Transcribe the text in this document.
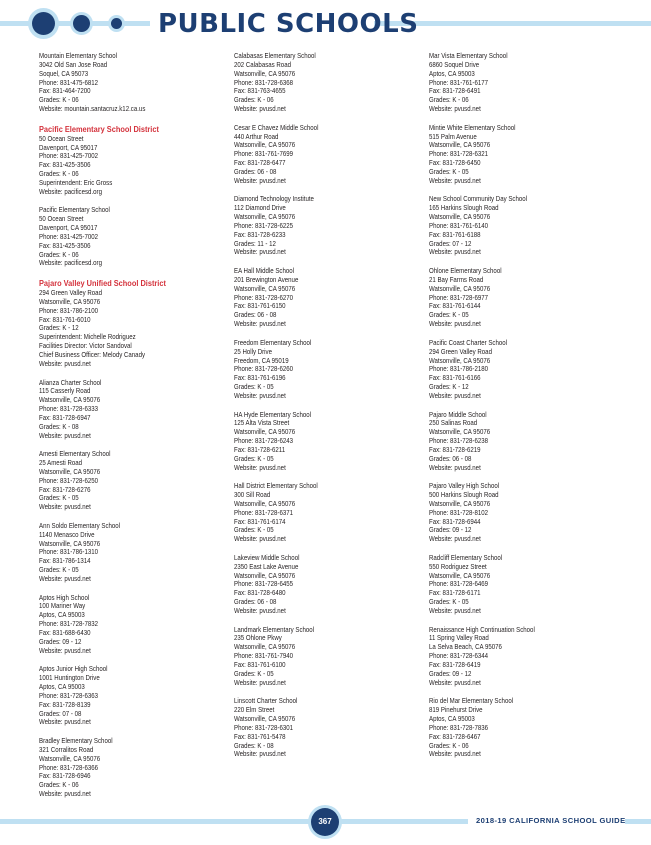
PUBLIC SCHOOLS
Mountain Elementary School
3042 Old San Jose Road
Soquel, CA 95073
Phone: 831-475-6812
Fax: 831-464-7200
Grades: K - 06
Website: mountain.santacruz.k12.ca.us
Pacific Elementary School District
50 Ocean Street
Davenport, CA 95017
Phone: 831-425-7002
Fax: 831-425-3506
Grades: K - 06
Superintendent: Eric Gross
Website: pacificesd.org
Pacific Elementary School
50 Ocean Street
Davenport, CA 95017
Phone: 831-425-7002
Fax: 831-425-3506
Grades: K - 06
Website: pacificesd.org
Pajaro Valley Unified School District
294 Green Valley Road
Watsonville, CA 95076
Phone: 831-786-2100
Fax: 831-761-6010
Grades: K - 12
Superintendent: Michelle Rodriguez
Facilities Director: Victor Sandoval
Chief Business Officer: Melody Canady
Website: pvusd.net
Alianza Charter School
115 Casserly Road
Watsonville, CA 95076
Phone: 831-728-6333
Fax: 831-728-6947
Grades: K - 08
Website: pvusd.net
Amesti Elementary School
25 Amesti Road
Watsonville, CA 95076
Phone: 831-728-6250
Fax: 831-728-6276
Grades: K - 05
Website: pvusd.net
Ann Soldo Elementary School
1140 Menasco Drive
Watsonville, CA 95076
Phone: 831-786-1310
Fax: 831-786-1314
Grades: K - 05
Website: pvusd.net
Aptos High School
100 Mariner Way
Aptos, CA 95003
Phone: 831-728-7832
Fax: 831-688-6430
Grades: 09 - 12
Website: pvusd.net
Aptos Junior High School
1001 Huntington Drive
Aptos, CA 95003
Phone: 831-728-6363
Fax: 831-728-8139
Grades: 07 - 08
Website: pvusd.net
Bradley Elementary School
321 Corralitos Road
Watsonville, CA 95076
Phone: 831-728-6366
Fax: 831-728-6946
Grades: K - 06
Website: pvusd.net
Calabasas Elementary School
202 Calabasas Road
Watsonville, CA 95076
Phone: 831-728-6368
Fax: 831-763-4655
Grades: K - 06
Website: pvusd.net
Cesar E Chavez Middle School
440 Arthur Road
Watsonville, CA 95076
Phone: 831-761-7699
Fax: 831-728-6477
Grades: 06 - 08
Website: pvusd.net
Diamond Technology Institute
112 Diamond Drive
Watsonville, CA 95076
Phone: 831-728-6225
Fax: 831-728-6233
Grades: 11 - 12
Website: pvusd.net
EA Hall Middle School
201 Brewington Avenue
Watsonville, CA 95076
Phone: 831-728-6270
Fax: 831-761-6150
Grades: 06 - 08
Website: pvusd.net
Freedom Elementary School
25 Holly Drive
Freedom, CA 95019
Phone: 831-728-6260
Fax: 831-761-6196
Grades: K - 05
Website: pvusd.net
HA Hyde Elementary School
125 Alta Vista Street
Watsonville, CA 95076
Phone: 831-728-6243
Fax: 831-728-6211
Grades: K - 05
Website: pvusd.net
Hall District Elementary School
300 Sill Road
Watsonville, CA 95076
Phone: 831-728-6371
Fax: 831-761-6174
Grades: K - 05
Website: pvusd.net
Lakeview Middle School
2350 East Lake Avenue
Watsonville, CA 95076
Phone: 831-728-6455
Fax: 831-728-6480
Grades: 06 - 08
Website: pvusd.net
Landmark Elementary School
235 Ohlone Pkwy
Watsonville, CA 95076
Phone: 831-761-7940
Fax: 831-761-6100
Grades: K - 05
Website: pvusd.net
Linscott Charter School
220 Elm Street
Watsonville, CA 95076
Phone: 831-728-6301
Fax: 831-761-5478
Grades: K - 08
Website: pvusd.net
Mar Vista Elementary School
6860 Soquel Drive
Aptos, CA 95003
Phone: 831-761-6177
Fax: 831-728-6491
Grades: K - 06
Website: pvusd.net
Mintie White Elementary School
515 Palm Avenue
Watsonville, CA 95076
Phone: 831-728-6321
Fax: 831-728-6450
Grades: K - 05
Website: pvusd.net
New School Community Day School
165 Harkins Slough Road
Watsonville, CA 95076
Phone: 831-761-6140
Fax: 831-761-6188
Grades: 07 - 12
Website: pvusd.net
Ohlone Elementary School
21 Bay Farms Road
Watsonville, CA 95076
Phone: 831-728-6977
Fax: 831-761-6144
Grades: K - 05
Website: pvusd.net
Pacific Coast Charter School
294 Green Valley Road
Watsonville, CA 95076
Phone: 831-786-2180
Fax: 831-761-6166
Grades: K - 12
Website: pvusd.net
Pajaro Middle School
250 Salinas Road
Watsonville, CA 95076
Phone: 831-728-6238
Fax: 831-728-6219
Grades: 06 - 08
Website: pvusd.net
Pajaro Valley High School
500 Harkins Slough Road
Watsonville, CA 95076
Phone: 831-728-8102
Fax: 831-728-6944
Grades: 09 - 12
Website: pvusd.net
Radcliff Elementary School
550 Rodriguez Street
Watsonville, CA 95076
Phone: 831-728-6469
Fax: 831-728-6171
Grades: K - 05
Website: pvusd.net
Renaissance High Continuation School
11 Spring Valley Road
La Selva Beach, CA 95076
Phone: 831-728-6344
Fax: 831-728-6419
Grades: 09 - 12
Website: pvusd.net
Rio del Mar Elementary School
819 Pinehurst Drive
Aptos, CA 95003
Phone: 831-728-7836
Fax: 831-728-6467
Grades: K - 06
Website: pvusd.net
367	2018-19 CALIFORNIA SCHOOL GUIDE
